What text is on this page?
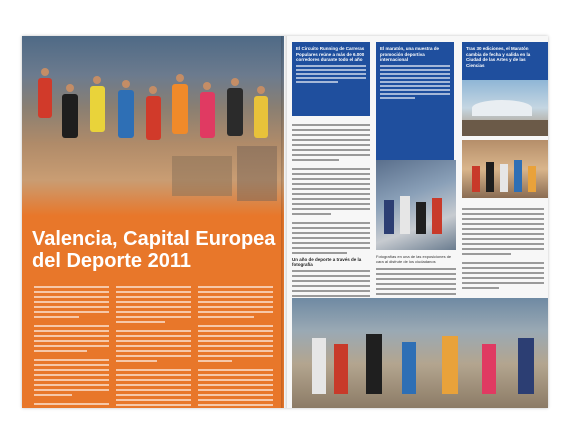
Valencia, Capital Europea
del Deporte 2011
El Circuito Running de Carreras Populares reúne a más de 6.000 corredores durante todo el año
Un año de deporte a través de la fotografía
El maratón, una muestra de promoción deportiva internacional
Fotografías en una de las exposiciones de cara al disfrute de los ciudadanos
Tras 30 ediciones, el Maratón cambia de fecha y salida en la Ciudad de las Artes y de las Ciencias
